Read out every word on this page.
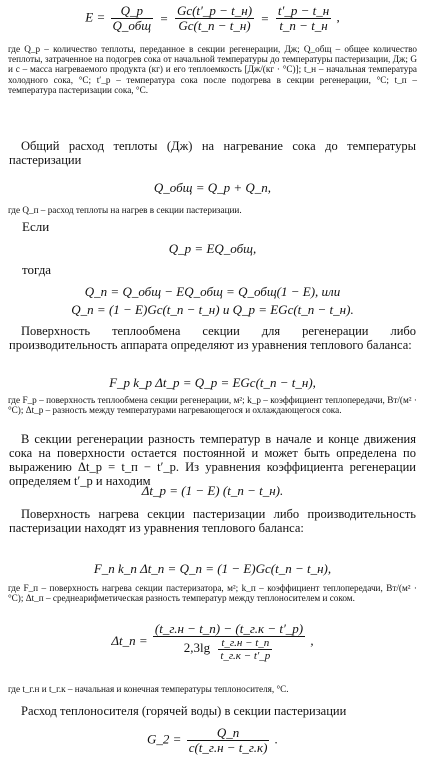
E =	Q_р
Q_общ = Gc(t′_р − t_н)
Gc(t_п − t_н) = t′_р − t_н
t_п − t_н
,

где Q_р – количество теплоты, переданное в секции регенерации, Дж; Q_общ – общее количество теплоты, затраченное на подогрев сока от начальной температуры до температуры пастеризации, Дж; G и c – масса нагреваемого продукта (кг) и его теплоемкость [Дж/(кг · °С)]; t_н – начальная температура холодного сока, °С; t′_р – температура сока после подогрева в секции регенерации, °С; t_п – температура пастеризации сока, °С.

Общий расход теплоты (Дж) на нагревание сока до температуры пастеризации

Q_общ = Q_р + Q_п,

где Q_п – расход теплоты на нагрев в секции пастеризации.

Если
Q_р = EQ_общ,
тогда
Q_п = Q_общ − EQ_общ = Q_общ(1 − E), или
Q_п = (1 − E)Gc(t_п − t_н) и Q_р = EGc(t_п − t_н).

Поверхность теплообмена секции для регенерации либо производительность аппарата определяют из уравнения теплового баланса:

F_р k_р Δt_р = Q_р = EGc(t_п − t_н),

где F_р – поверхность теплообмена секции регенерации, м²; k_р – коэффициент теплопередачи, Вт/(м² · °С); Δt_р – разность между температурами нагревающегося и охлаждающегося сока.

В секции регенерации разность температур в начале и конце движения сока на поверхности остается постоянной и может быть определена по выражению Δt_р = t_п − t′_р. Из уравнения коэффициента регенерации определяем t′_р и находим

Δt_р = (1 − E) (t_п − t_н).

Поверхность нагрева секции пастеризации либо производительность пастеризации находят из уравнения теплового баланса:

F_п k_п Δt_п = Q_п = (1 − E)Gc(t_п − t_н),

где F_п – поверхность нагрева секции пастеризатора, м²; k_п – коэффициент теплопередачи, Вт/(м² · °С); Δt_п – среднеарифметическая разность температур между теплоносителем и соком.

Δt_п =
(t_г.н − t_п) − (t_г.к − t′_р)
2,3lg t_г.н − t_п
t_г.к − t′_р
,

где t_г.н и t_г.к – начальная и конечная температуры теплоносителя, °С.

Расход теплоносителя (горячей воды) в секции пастеризации

G_2 =	Q_п
c(t_г.н − t_г.к)
.
